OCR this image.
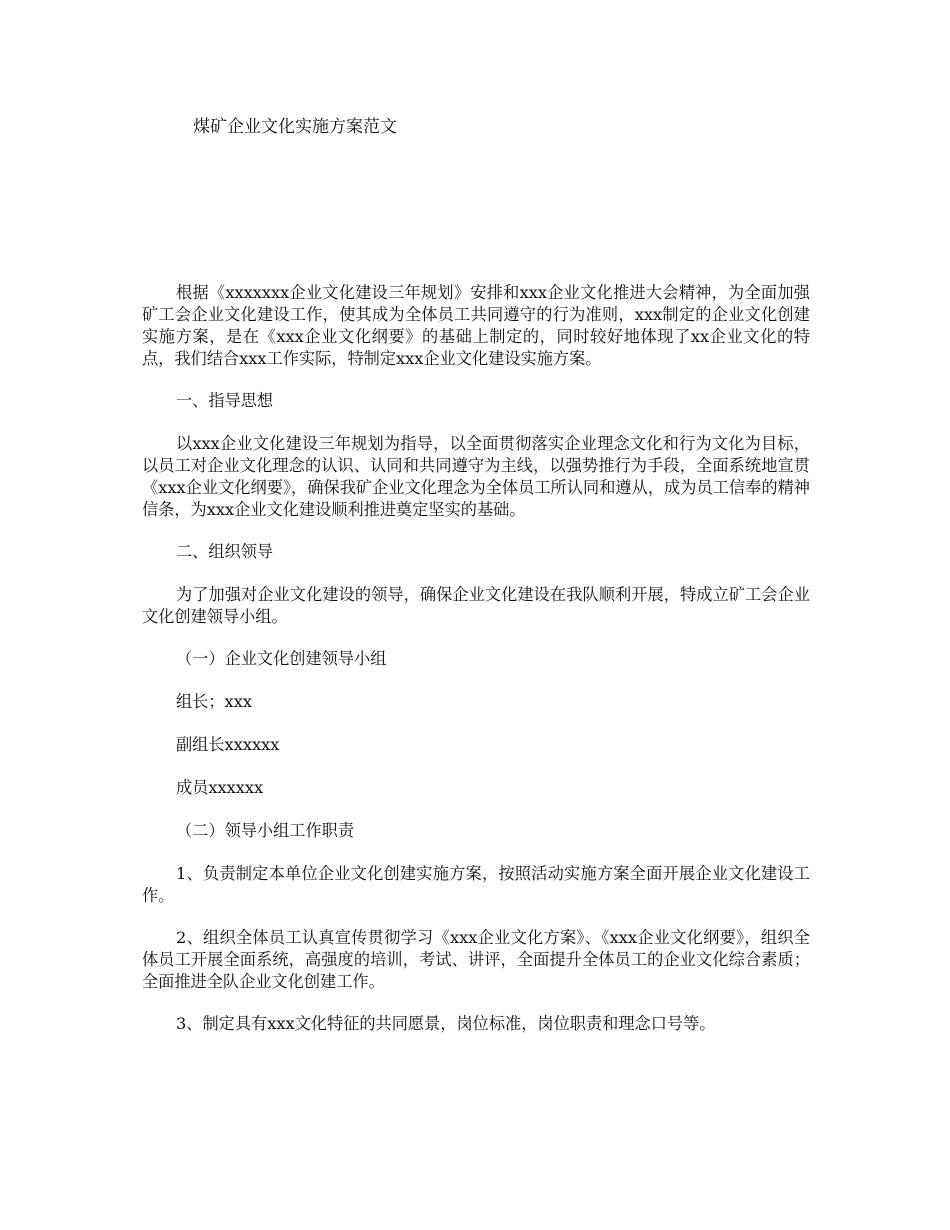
煤矿企业文化实施方案范文

根据《xxxxxxx企业文化建设三年规划》安排和xxx企业文化推进大会精神，为全面加强矿工会企业文化建设工作，使其成为全体员工共同遵守的行为准则，xxx制定的企业文化创建实施方案，是在《xxx企业文化纲要》的基础上制定的，同时较好地体现了xx企业文化的特点，我们结合xxx工作实际，特制定xxx企业文化建设实施方案。

一、指导思想

以xxx企业文化建设三年规划为指导，以全面贯彻落实企业理念文化和行为文化为目标，以员工对企业文化理念的认识、认同和共同遵守为主线，以强势推行为手段，全面系统地宣贯《xxx企业文化纲要》，确保我矿企业文化理念为全体员工所认同和遵从，成为员工信奉的精神信条，为xxx企业文化建设顺利推进奠定坚实的基础。

二、组织领导

为了加强对企业文化建设的领导，确保企业文化建设在我队顺利开展，特成立矿工会企业文化创建领导小组。

（一）企业文化创建领导小组

组长；xxx

副组长xxxxxx

成员xxxxxx

（二）领导小组工作职责

1、负责制定本单位企业文化创建实施方案，按照活动实施方案全面开展企业文化建设工作。

2、组织全体员工认真宣传贯彻学习《xxx企业文化方案》、《xxx企业文化纲要》，组织全体员工开展全面系统，高强度的培训，考试、讲评，全面提升全体员工的企业文化综合素质；全面推进全队企业文化创建工作。

3、制定具有xxx文化特征的共同愿景，岗位标准，岗位职责和理念口号等。
